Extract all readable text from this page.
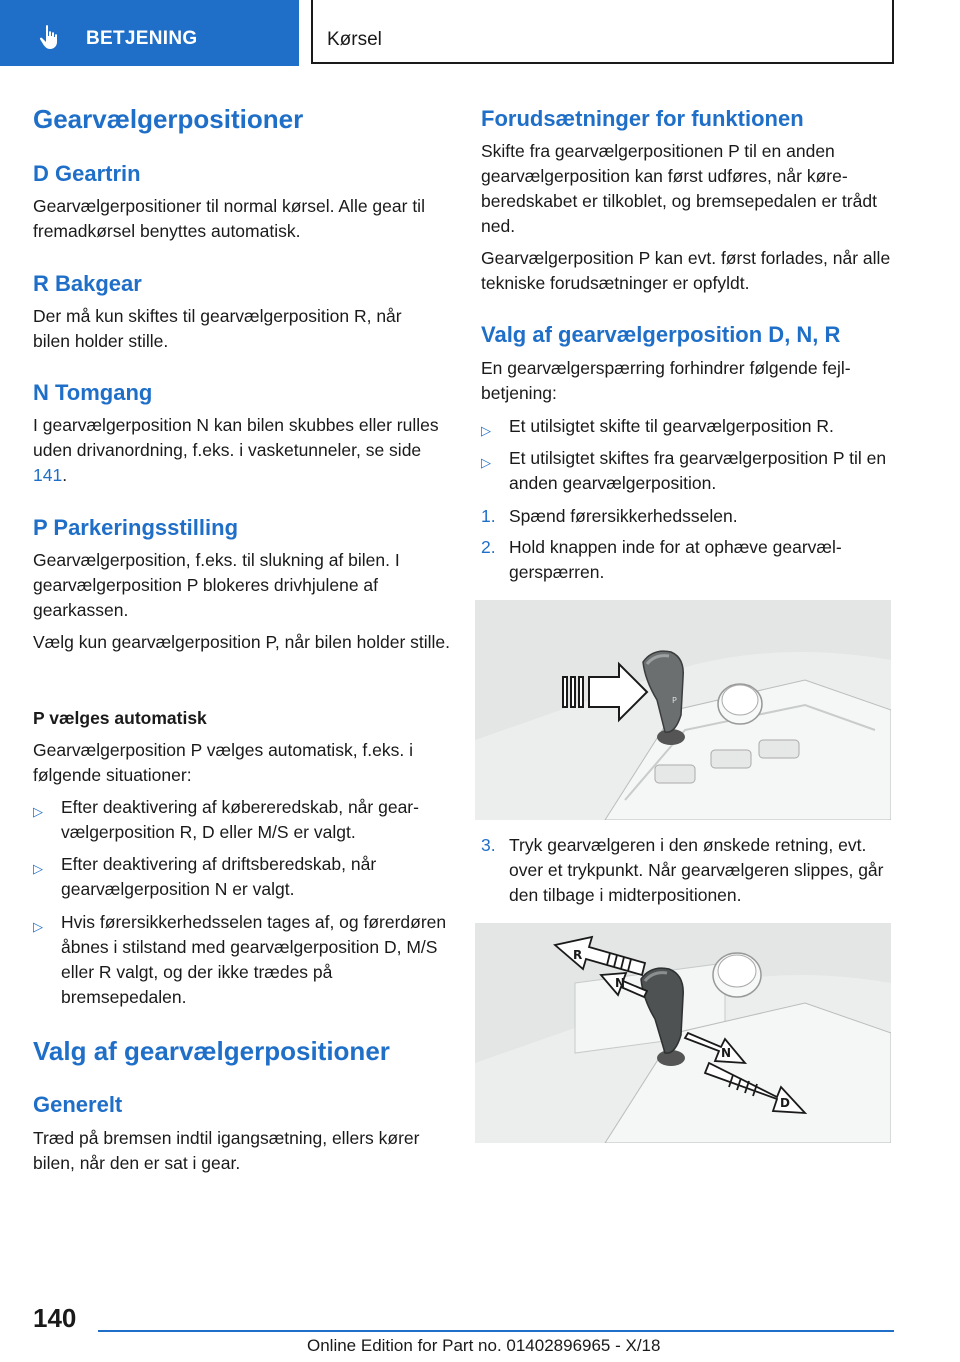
BETJENING	Kørsel
Gearvælgerpositioner
D Geartrin
Gearvælgerpositioner til normal kørsel. Alle gear til fremadkørsel benyttes automatisk.
R Bakgear
Der må kun skiftes til gearvælgerposition R, når bilen holder stille.
N Tomgang
I gearvælgerposition N kan bilen skubbes eller rulles uden drivanordning, f.eks. i vasketunneler, se side 141.
P Parkeringsstilling
Gearvælgerposition, f.eks. til slukning af bilen. I gearvælgerposition P blokeres drivhjulene af gearkassen.
Vælg kun gearvælgerposition P, når bilen holder stille.
P vælges automatisk
Gearvælgerposition P vælges automatisk, f.eks. i følgende situationer:
▷ Efter deaktivering af købereredskab, når gearvælgerposition R, D eller M/S er valgt.
▷ Efter deaktivering af driftsberedskab, når gearvælgerposition N er valgt.
▷ Hvis førersikkerhedsselen tages af, og førerdøren åbnes i stilstand med gearvælgerposition D, M/S eller R valgt, og der ikke trædes på bremsepedalen.
Valg af gearvælgerpositioner
Generelt
Træd på bremsen indtil igangsætning, ellers kører bilen, når den er sat i gear.
Forudsætninger for funktionen
Skifte fra gearvælgerpositionen P til en anden gearvælgerposition kan først udføres, når køreberedskabet er tilkoblet, og bremsepedalen er trådt ned.
Gearvælgerposition P kan evt. først forlades, når alle tekniske forudsætninger er opfyldt.
Valg af gearvælgerposition D, N, R
En gearvælgerspærring forhindrer følgende fejlbetjening:
▷ Et utilsigtet skifte til gearvælgerposition R.
▷ Et utilsigtet skiftes fra gearvælgerposition P til en anden gearvælgerposition.
1. Spænd førersikkerhedsselen.
2. Hold knappen inde for at ophæve gearvælgerspærren.
P
3. Tryk gearvælgeren i den ønskede retning, evt. over et trykpunkt. Når gearvælgeren slippes, går den tilbage i midterpositionen.
R
N
N
D
140
Online Edition for Part no. 01402896965 - X/18
